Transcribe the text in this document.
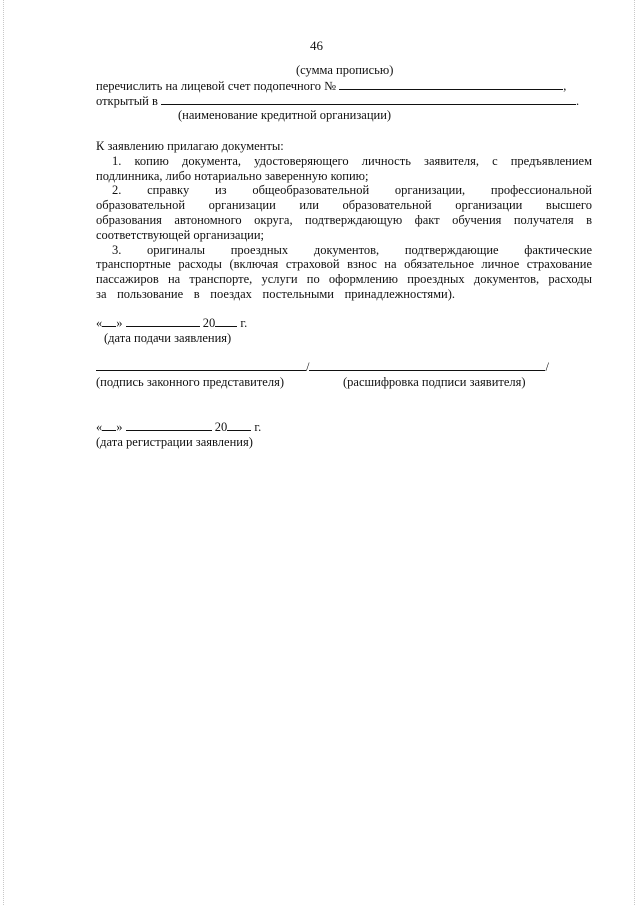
46
(сумма прописью)
перечислить на лицевой счет подопечного №	,
открытый в	.
(наименование кредитной организации)
К заявлению прилагаю документы:
1. копию документа, удостоверяющего личность заявителя, с предъявлением
подлинника, либо нотариально заверенную копию;
2. справку из общеобразовательной организации, профессиональной
образовательной организации или образовательной организации высшего
образования автономного округа, подтверждающую факт обучения получателя в
соответствующей организации;
3. оригиналы проездных документов, подтверждающие фактические
транспортные расходы (включая страховой взнос на обязательное личное страхование
пассажиров на транспорте, услуги по оформлению проездных документов, расходы
за пользование в поездах постельными принадлежностями).
« »	20 г.
(дата подачи заявления)
/	/
(подпись законного представителя)	(расшифровка подписи заявителя)
« »	20 г.
(дата регистрации заявления)
